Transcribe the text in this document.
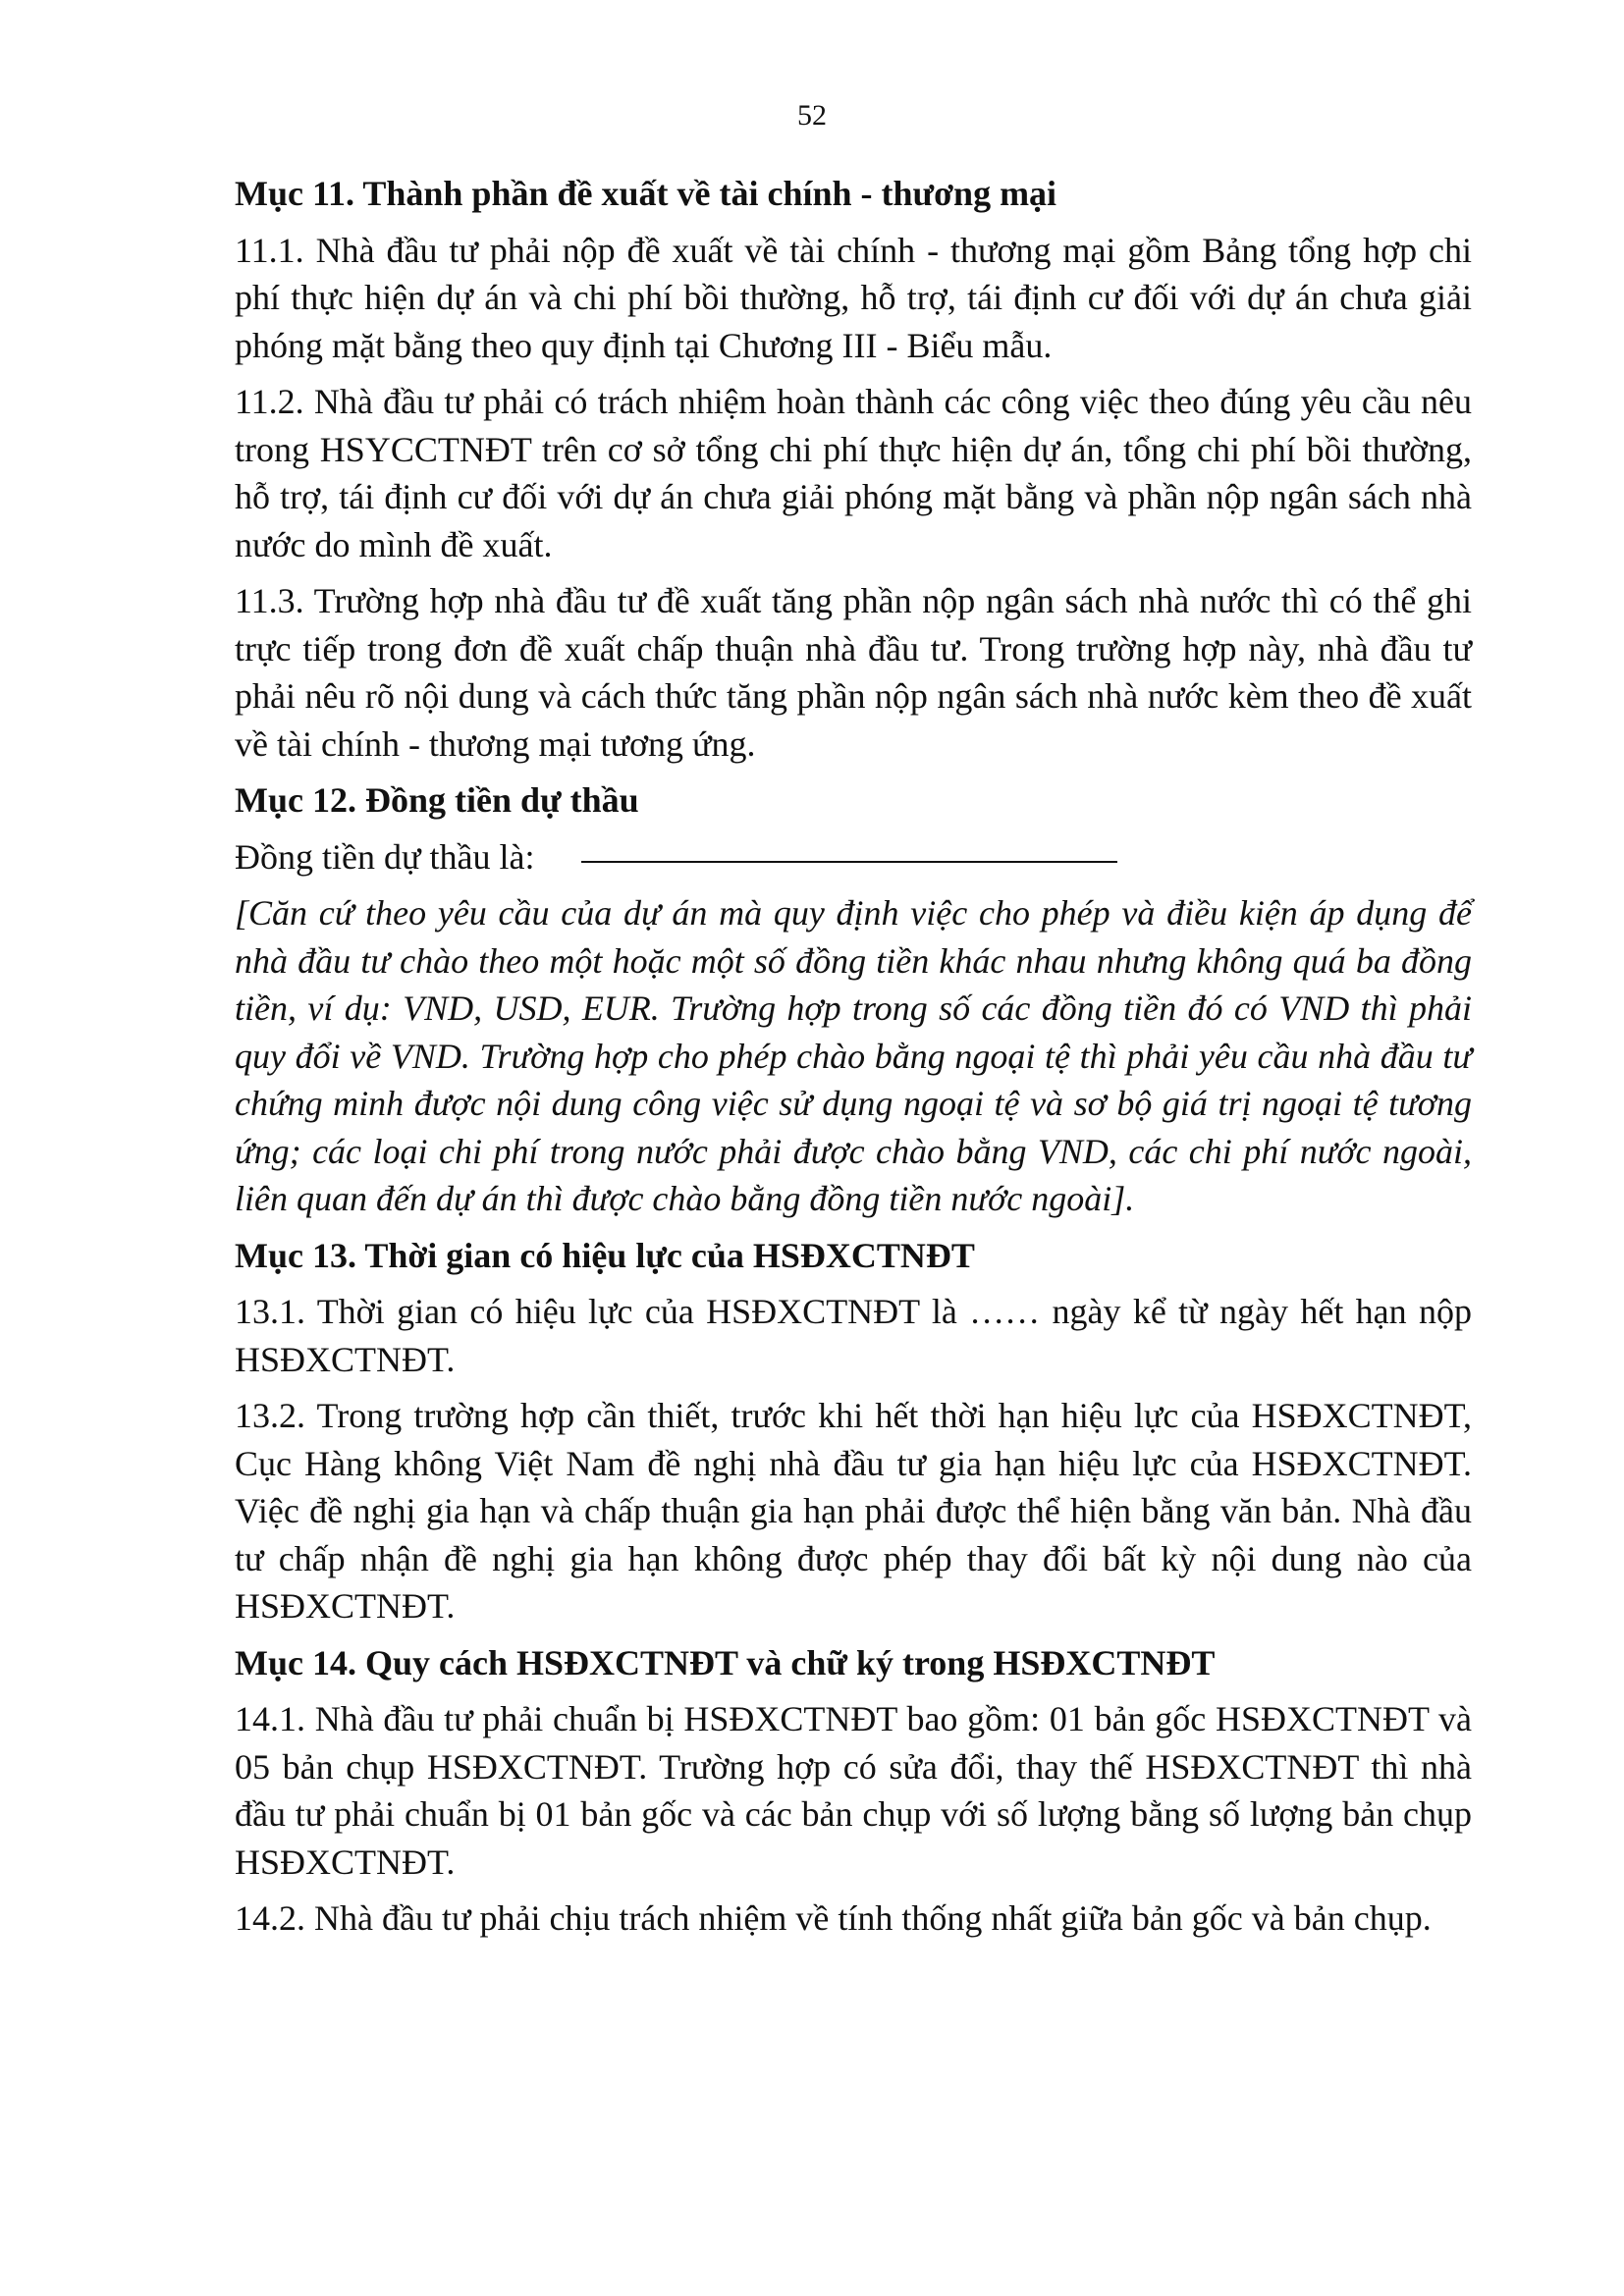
52
Mục 11. Thành phần đề xuất về tài chính - thương mại

11.1. Nhà đầu tư phải nộp đề xuất về tài chính - thương mại gồm Bảng tổng hợp chi phí thực hiện dự án và chi phí bồi thường, hỗ trợ, tái định cư đối với dự án chưa giải phóng mặt bằng theo quy định tại Chương III - Biểu mẫu.

11.2. Nhà đầu tư phải có trách nhiệm hoàn thành các công việc theo đúng yêu cầu nêu trong HSYCCTNĐT trên cơ sở tổng chi phí thực hiện dự án, tổng chi phí bồi thường, hỗ trợ, tái định cư đối với dự án chưa giải phóng mặt bằng và phần nộp ngân sách nhà nước do mình đề xuất.

11.3. Trường hợp nhà đầu tư đề xuất tăng phần nộp ngân sách nhà nước thì có thể ghi trực tiếp trong đơn đề xuất chấp thuận nhà đầu tư. Trong trường hợp này, nhà đầu tư phải nêu rõ nội dung và cách thức tăng phần nộp ngân sách nhà nước kèm theo đề xuất về tài chính - thương mại tương ứng.

Mục 12. Đồng tiền dự thầu

Đồng tiền dự thầu là:

[Căn cứ theo yêu cầu của dự án mà quy định việc cho phép và điều kiện áp dụng để nhà đầu tư chào theo một hoặc một số đồng tiền khác nhau nhưng không quá ba đồng tiền, ví dụ: VND, USD, EUR. Trường hợp trong số các đồng tiền đó có VND thì phải quy đổi về VND. Trường hợp cho phép chào bằng ngoại tệ thì phải yêu cầu nhà đầu tư chứng minh được nội dung công việc sử dụng ngoại tệ và sơ bộ giá trị ngoại tệ tương ứng; các loại chi phí trong nước phải được chào bằng VND, các chi phí nước ngoài, liên quan đến dự án thì được chào bằng đồng tiền nước ngoài].

Mục 13. Thời gian có hiệu lực của HSĐXCTNĐT

13.1. Thời gian có hiệu lực của HSĐXCTNĐT là …… ngày kể từ ngày hết hạn nộp HSĐXCTNĐT.

13.2. Trong trường hợp cần thiết, trước khi hết thời hạn hiệu lực của HSĐXCTNĐT, Cục Hàng không Việt Nam đề nghị nhà đầu tư gia hạn hiệu lực của HSĐXCTNĐT. Việc đề nghị gia hạn và chấp thuận gia hạn phải được thể hiện bằng văn bản. Nhà đầu tư chấp nhận đề nghị gia hạn không được phép thay đổi bất kỳ nội dung nào của HSĐXCTNĐT.

Mục 14. Quy cách HSĐXCTNĐT và chữ ký trong HSĐXCTNĐT

14.1. Nhà đầu tư phải chuẩn bị HSĐXCTNĐT bao gồm: 01 bản gốc HSĐXCTNĐT và 05 bản chụp HSĐXCTNĐT. Trường hợp có sửa đổi, thay thế HSĐXCTNĐT thì nhà đầu tư phải chuẩn bị 01 bản gốc và các bản chụp với số lượng bằng số lượng bản chụp HSĐXCTNĐT.

14.2. Nhà đầu tư phải chịu trách nhiệm về tính thống nhất giữa bản gốc và bản chụp.
